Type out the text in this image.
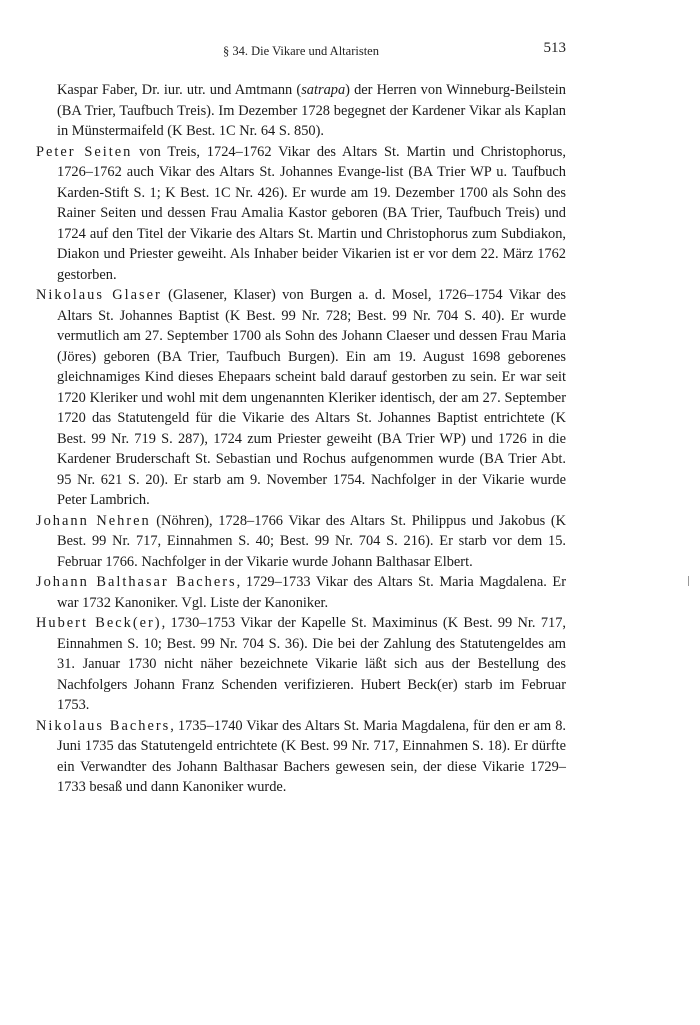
§ 34. Die Vikare und Altaristen	513

Kaspar Faber, Dr. iur. utr. und Amtmann (satrapa) der Herren von Winneburg-Beilstein (BA Trier, Taufbuch Treis). Im Dezember 1728 begegnet der Kardener Vikar als Kaplan in Münstermaifeld (K Best. 1C Nr. 64 S. 850).

Peter Seiten von Treis, 1724–1762 Vikar des Altars St. Martin und Christophorus, 1726–1762 auch Vikar des Altars St. Johannes Evange-list (BA Trier WP u. Taufbuch Karden-Stift S. 1; K Best. 1C Nr. 426). Er wurde am 19. Dezember 1700 als Sohn des Rainer Seiten und dessen Frau Amalia Kastor geboren (BA Trier, Taufbuch Treis) und 1724 auf den Titel der Vikarie des Altars St. Martin und Christophorus zum Subdiakon, Diakon und Priester geweiht. Als Inhaber beider Vikarien ist er vor dem 22. März 1762 gestorben.

Nikolaus Glaser (Glasener, Klaser) von Burgen a. d. Mosel, 1726–1754 Vikar des Altars St. Johannes Baptist (K Best. 99 Nr. 728; Best. 99 Nr. 704 S. 40). Er wurde vermutlich am 27. September 1700 als Sohn des Johann Claeser und dessen Frau Maria (Jöres) geboren (BA Trier, Taufbuch Burgen). Ein am 19. August 1698 geborenes gleichnamiges Kind dieses Ehepaars scheint bald darauf gestorben zu sein. Er war seit 1720 Kleriker und wohl mit dem ungenannten Kleriker identisch, der am 27. September 1720 das Statutengeld für die Vikarie des Altars St. Johannes Baptist entrichtete (K Best. 99 Nr. 719 S. 287), 1724 zum Priester geweiht (BA Trier WP) und 1726 in die Kardener Bruderschaft St. Sebastian und Rochus aufgenommen wurde (BA Trier Abt. 95 Nr. 621 S. 20). Er starb am 9. November 1754. Nachfolger in der Vikarie wurde Peter Lambrich.

Johann Nehren (Nöhren), 1728–1766 Vikar des Altars St. Philippus und Jakobus (K Best. 99 Nr. 717, Einnahmen S. 40; Best. 99 Nr. 704 S. 216). Er starb vor dem 15. Februar 1766. Nachfolger in der Vikarie wurde Johann Balthasar Elbert.

Johann Balthasar Bachers, 1729–1733 Vikar des Altars St. Maria Magdalena. Er war 1732 Kanoniker. Vgl. Liste der Kanoniker.

Hubert Beck(er), 1730–1753 Vikar der Kapelle St. Maximinus (K Best. 99 Nr. 717, Einnahmen S. 10; Best. 99 Nr. 704 S. 36). Die bei der Zahlung des Statutengeldes am 31. Januar 1730 nicht näher bezeichnete Vikarie läßt sich aus der Bestellung des Nachfolgers Johann Franz Schenden verifizieren. Hubert Beck(er) starb im Februar 1753.

Nikolaus Bachers, 1735–1740 Vikar des Altars St. Maria Magdalena, für den er am 8. Juni 1735 das Statutengeld entrichtete (K Best. 99 Nr. 717, Einnahmen S. 18). Er dürfte ein Verwandter des Johann Balthasar Bachers gewesen sein, der diese Vikarie 1729–1733 besaß und dann Kanoniker wurde.
